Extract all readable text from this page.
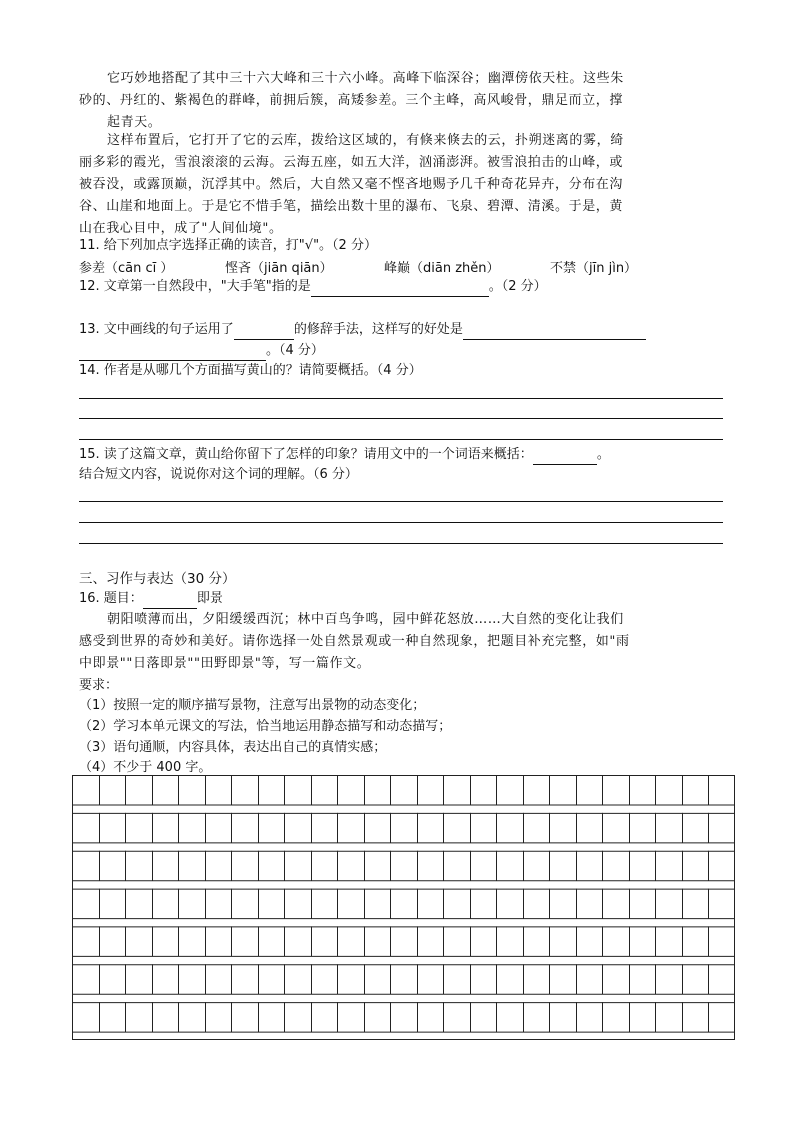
它巧妙地搭配了其中三十六大峰和三十六小峰。高峰下临深谷；幽潭傍依天柱。这些朱
砂的、丹红的、紫褐色的群峰，前拥后簇，高矮参差。三个主峰，高风峻骨，鼎足而立，撑
起青天。
这样布置后，它打开了它的云库，拨给这区域的，有倏来倏去的云，扑朔迷离的雾，绮
丽多彩的霞光，雪浪滚滚的云海。云海五座，如五大洋，汹涌澎湃。被雪浪拍击的山峰，或
被吞没，或露顶巅，沉浮其中。然后，大自然又毫不悭吝地赐予几千种奇花异卉，分布在沟
谷、山崖和地面上。于是它不惜手笔，描绘出数十里的瀑布、飞泉、碧潭、清溪。于是，黄
山在我心目中，成了"人间仙境"。
11. 给下列加点字选择正确的读音，打"√"。（2 分）
参差（cān cī ）	悭吝（jiān qiān）	峰巅（diān zhěn）	不禁（jīn jìn）
12. 文章第一自然段中，"大手笔"指的是	。（2 分）
13. 文中画线的句子运用了	的修辞手法，这样写的好处是
。（4 分）
14. 作者是从哪几个方面描写黄山的？请简要概括。（4 分）
15. 读了这篇文章，黄山给你留下了怎样的印象？请用文中的一个词语来概括：	。
结合短文内容，说说你对这个词的理解。（6 分）
三、习作与表达（30 分）
16. 题目：	即景
朝阳喷薄而出，夕阳缓缓西沉；林中百鸟争鸣，园中鲜花怒放……大自然的变化让我们
感受到世界的奇妙和美好。请你选择一处自然景观或一种自然现象，把题目补充完整，如"雨
中即景""日落即景""田野即景"等，写一篇作文。
要求：
（1）按照一定的顺序描写景物，注意写出景物的动态变化；
（2）学习本单元课文的写法，恰当地运用静态描写和动态描写；
（3）语句通顺，内容具体，表达出自己的真情实感；
（4）不少于 400 字。
